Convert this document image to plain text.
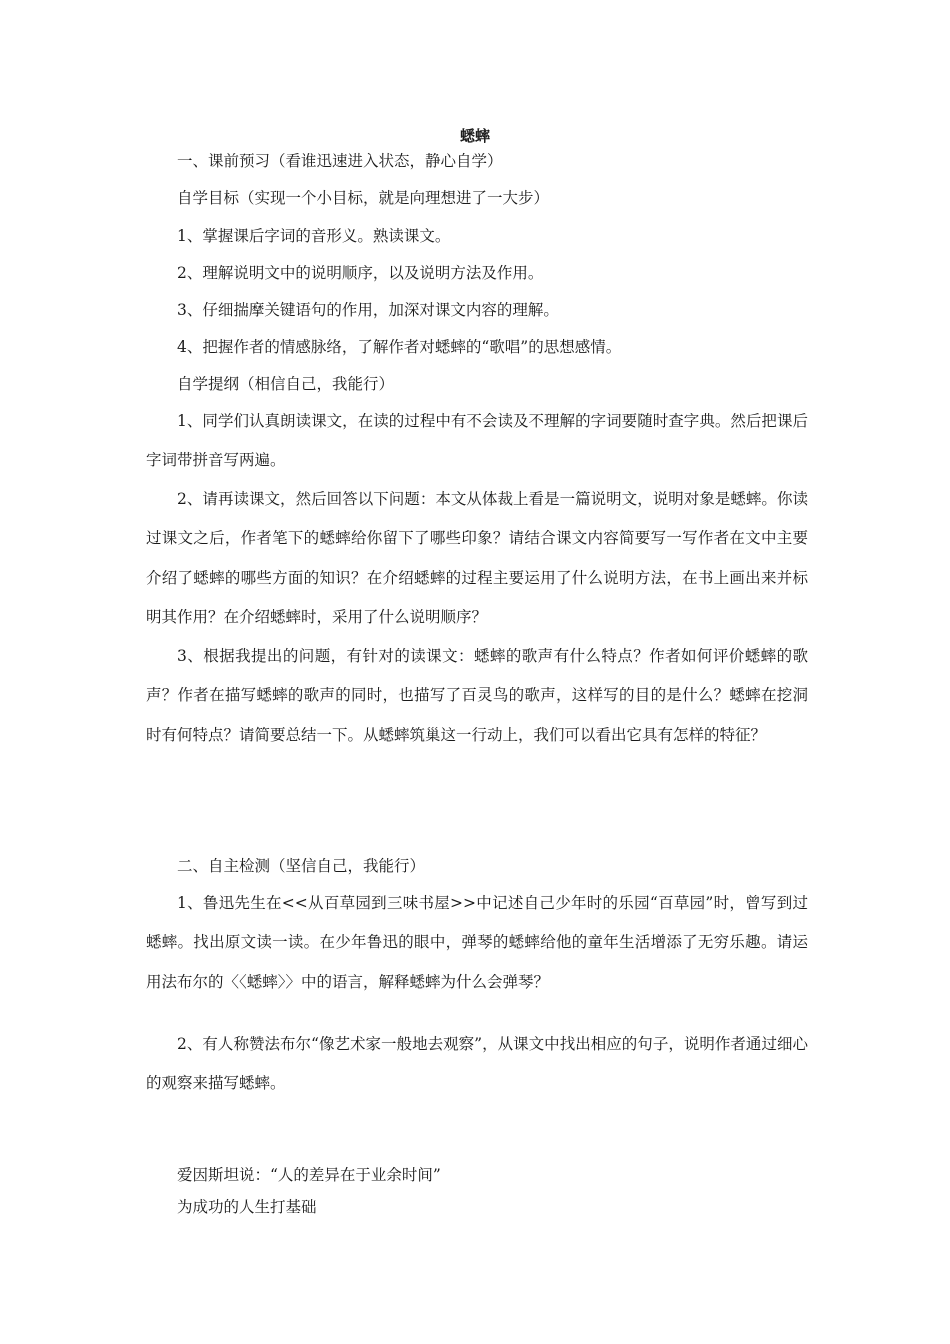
蟋蟀
一、课前预习（看谁迅速进入状态，静心自学）
自学目标（实现一个小目标，就是向理想进了一大步）
1、掌握课后字词的音形义。熟读课文。
2、理解说明文中的说明顺序，以及说明方法及作用。
3、仔细揣摩关键语句的作用，加深对课文内容的理解。
4、把握作者的情感脉络，了解作者对蟋蟀的“歌唱”的思想感情。
自学提纲（相信自己，我能行）

1、同学们认真朗读课文，在读的过程中有不会读及不理解的字词要随时查字典。然后把课后字词带拼音写两遍。

2、请再读课文，然后回答以下问题：本文从体裁上看是一篇说明文，说明对象是蟋蟀。你读过课文之后，作者笔下的蟋蟀给你留下了哪些印象？请结合课文内容简要写一写作者在文中主要介绍了蟋蟀的哪些方面的知识？在介绍蟋蟀的过程主要运用了什么说明方法，在书上画出来并标明其作用？在介绍蟋蟀时，采用了什么说明顺序？

3、根据我提出的问题，有针对的读课文：蟋蟀的歌声有什么特点？作者如何评价蟋蟀的歌声？作者在描写蟋蟀的歌声的同时，也描写了百灵鸟的歌声，这样写的目的是什么？蟋蟀在挖洞时有何特点？请简要总结一下。从蟋蟀筑巢这一行动上，我们可以看出它具有怎样的特征？

二、自主检测（坚信自己，我能行）

1、鲁迅先生在<<从百草园到三味书屋>>中记述自己少年时的乐园“百草园”时，曾写到过蟋蟀。找出原文读一读。在少年鲁迅的眼中，弹琴的蟋蟀给他的童年生活增添了无穷乐趣。请运用法布尔的〈〈蟋蟀〉〉中的语言，解释蟋蟀为什么会弹琴？

2、有人称赞法布尔“像艺术家一般地去观察”，从课文中找出相应的句子，说明作者通过细心的观察来描写蟋蟀。

爱因斯坦说：“人的差异在于业余时间”
为成功的人生打基础
